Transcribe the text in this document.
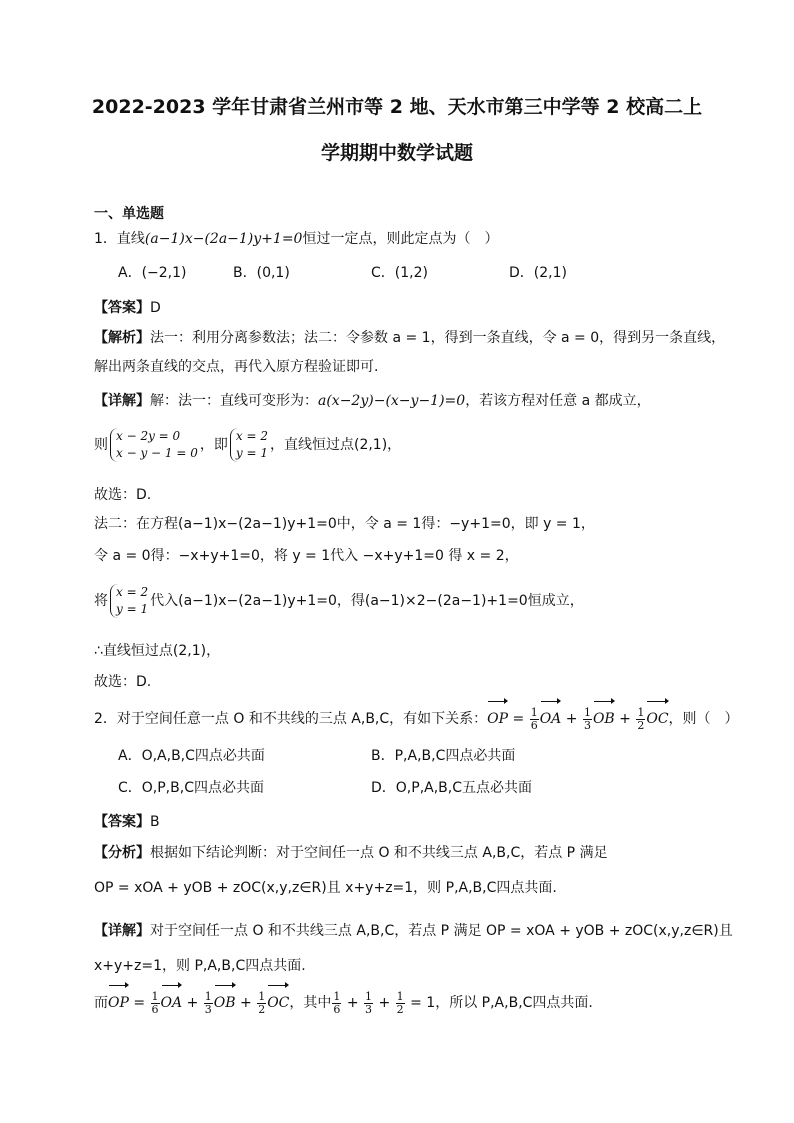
2022-2023 学年甘肃省兰州市等 2 地、天水市第三中学等 2 校高二上
学期期中数学试题
一、单选题
1．直线(a−1)x−(2a−1)y+1=0恒过一定点，则此定点为（　）
A．(−2,1)	B．(0,1)	C．(1,2)	D．(2,1)
【答案】D
【解析】法一：利用分离参数法；法二：令参数 a = 1，得到一条直线，令 a = 0，得到另一条直线，
解出两条直线的交点，再代入原方程验证即可.
【详解】解：法一：直线可变形为：a(x−2y)−(x−y−1)=0，若该方程对任意 a 都成立，
则
x − 2y = 0
x − y − 1 = 0 ，即
x = 2
y = 1 ，直线恒过点(2,1)，
故选：D.
法二：在方程(a−1)x−(2a−1)y+1=0中，令 a = 1得：−y+1=0，即 y = 1，
令 a = 0得：−x+y+1=0，将 y = 1代入 −x+y+1=0 得 x = 2，
将
x = 2
y = 1 代入(a−1)x−(2a−1)y+1=0，得(a−1)×2−(2a−1)+1=0恒成立，
∴直线恒过点(2,1)，
故选：D.
2．对于空间任意一点 O 和不共线的三点 A,B,C，有如下关系：OP = $\frac{1}{6}$ OA + $\frac{1}{3}$ OB + $\frac{1}{2}$ OC，则（　）
A．O,A,B,C四点必共面	B．P,A,B,C四点必共面
C．O,P,B,C四点必共面	D．O,P,A,B,C五点必共面
【答案】B
【分析】根据如下结论判断：对于空间任一点 O 和不共线三点 A,B,C，若点 P 满足
OP = xOA + yOB + zOC(x,y,z∈R)且 x+y+z=1，则 P,A,B,C四点共面.
【详解】对于空间任一点 O 和不共线三点 A,B,C，若点 P 满足 OP = xOA + yOB + zOC(x,y,z∈R)且
x+y+z=1，则 P,A,B,C四点共面.
而OP = $\frac{1}{6}$ OA + $\frac{1}{3}$ OB + $\frac{1}{2}$ OC，其中 $\frac{1}{6} + \frac{1}{3} + \frac{1}{2} = 1$，所以 P,A,B,C四点共面.
